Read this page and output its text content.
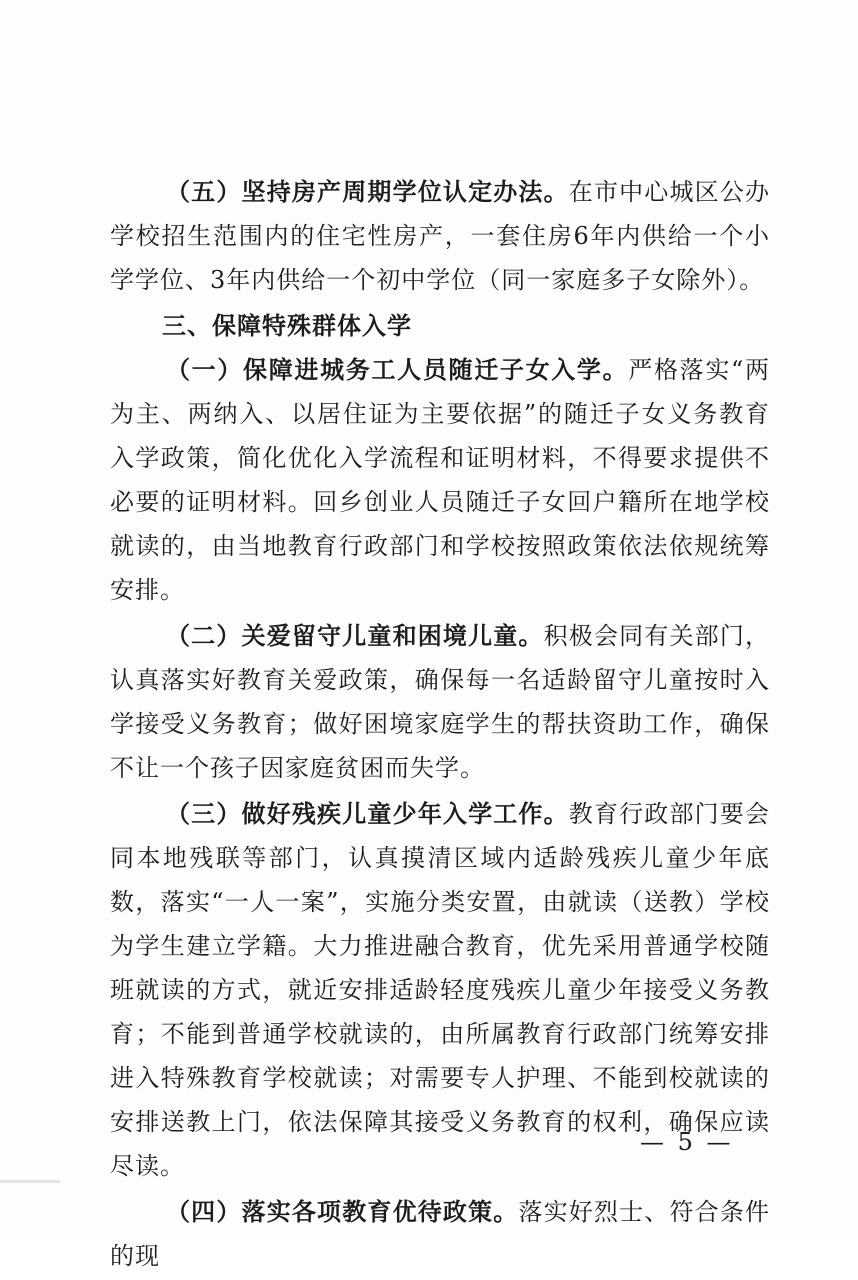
（五）坚持房产周期学位认定办法。在市中心城区公办学校招生范围内的住宅性房产，一套住房6年内供给一个小学学位、3年内供给一个初中学位（同一家庭多子女除外）。

三、保障特殊群体入学

（一）保障进城务工人员随迁子女入学。严格落实“两为主、两纳入、以居住证为主要依据”的随迁子女义务教育入学政策，简化优化入学流程和证明材料，不得要求提供不必要的证明材料。回乡创业人员随迁子女回户籍所在地学校就读的，由当地教育行政部门和学校按照政策依法依规统筹安排。

（二）关爱留守儿童和困境儿童。积极会同有关部门，认真落实好教育关爱政策，确保每一名适龄留守儿童按时入学接受义务教育；做好困境家庭学生的帮扶资助工作，确保不让一个孩子因家庭贫困而失学。

（三）做好残疾儿童少年入学工作。教育行政部门要会同本地残联等部门，认真摸清区域内适龄残疾儿童少年底数，落实“一人一案”，实施分类安置，由就读（送教）学校为学生建立学籍。大力推进融合教育，优先采用普通学校随班就读的方式，就近安排适龄轻度残疾儿童少年接受义务教育；不能到普通学校就读的，由所属教育行政部门统筹安排进入特殊教育学校就读；对需要专人护理、不能到校就读的安排送教上门，依法保障其接受义务教育的权利，确保应读尽读。

（四）落实各项教育优待政策。落实好烈士、符合条件的现

— 5 —
